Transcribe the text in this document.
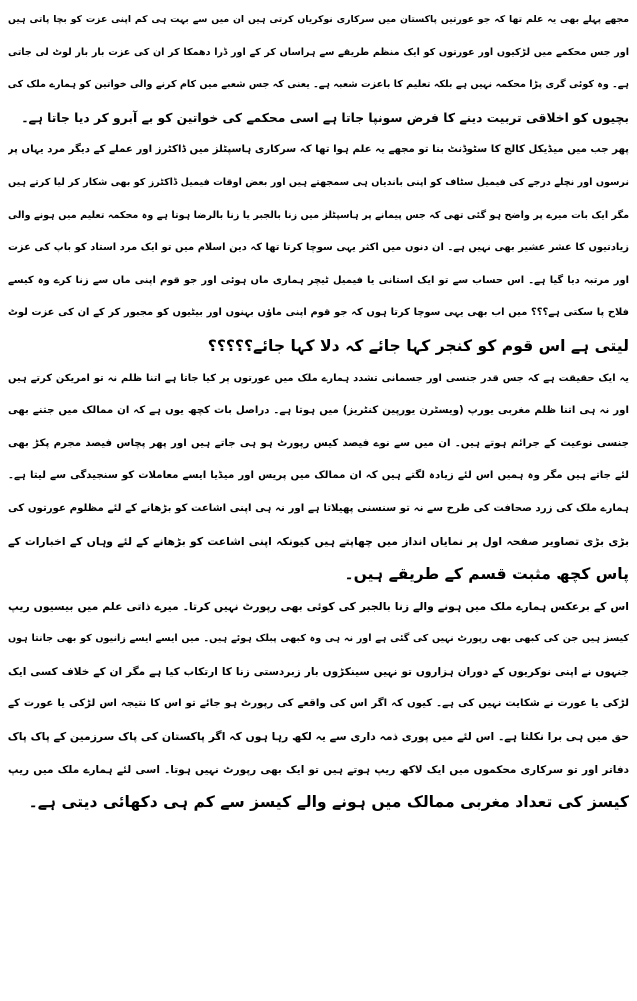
مجھے پہلے بھی یہ علم تھا کہ جو عورتیں پاکستان میں سرکاری نوکریاں کرتی ہیں ان میں سے بہت ہی کم اپنی عزت کو بچا پاتی ہیں
اور جس محکمے میں لڑکیوں اور عورتوں کو ایک منظم طریقے سے ہراساں کر کے اور ڈرا دھمکا کر ان کی عزت بار بار لوٹ لی جاتی
ہے۔ وہ کوئی گری پڑا محکمہ نہیں ہے بلکہ تعلیم کا باعزت شعبہ ہے۔ یعنی کہ جس شعبے میں کام کرنے والی خواتین کو ہمارے ملک کی
بچیوں کو اخلاقی تربیت دینے کا فرض سونپا جاتا ہے اسی محکمے کی خواتین کو بے آبرو کر دیا جاتا ہے۔
پھر جب میں میڈیکل کالج کا سٹوڈنٹ بنا تو مجھے یہ علم ہوا تھا کہ سرکاری ہاسپٹلز میں ڈاکٹرز اور عملے کے دیگر مرد یہاں پر
نرسوں اور نچلے درجے کی فیمیل سٹاف کو اپنی باندیاں ہی سمجھتے ہیں اور بعض اوقات فیمیل ڈاکٹرز کو بھی شکار کر لیا کرتے ہیں
مگر ایک بات میرے پر واضح ہو گئی تھی کہ جس پیمانے پر ہاسپٹلز میں زنا بالجبر یا زنا بالرضا ہوتا ہے وہ محکمہ تعلیم میں ہونے والی
زیادتیوں کا عشر عشیر بھی نہیں ہے۔ ان دنوں میں اکثر یہی سوچا کرتا تھا کہ دین اسلام میں تو ایک مرد استاد کو باپ کی عزت
اور مرتبہ دیا گیا ہے۔ اس حساب سے تو ایک استانی یا فیمیل ٹیچر ہماری ماں ہوئی اور جو قوم اپنی ماں سے زنا کرے وہ کیسے
فلاح پا سکتی ہے؟؟؟ میں اب بھی یہی سوچا کرتا ہوں کہ جو قوم اپنی ماؤں بہنوں اور بیٹیوں کو مجبور کر کے ان کی عزت لوٹ
لیتی ہے اس قوم کو کنجر کہا جائے کہ دلا کہا جائے؟؟؟؟؟
یہ ایک حقیقت ہے کہ جس قدر جنسی اور جسمانی تشدد ہمارے ملک میں عورتوں پر کیا جاتا ہے اتنا ظلم نہ تو امریکن کرتے ہیں
اور نہ ہی اتنا ظلم مغربی یورپ (ویسٹرن یورپین کنٹریز) میں ہوتا ہے۔ دراصل بات کچھ یوں ہے کہ ان ممالک میں جتنے بھی
جنسی نوعیت کے جرائم ہوتے ہیں۔ ان میں سے نوے فیصد کیس رپورٹ ہو ہی جاتے ہیں اور پھر پچاس فیصد مجرم پکڑ بھی
لئے جاتے ہیں مگر وہ ہمیں اس لئے زیادہ لگتے ہیں کہ ان ممالک میں پریس اور میڈیا ایسے معاملات کو سنجیدگی سے لیتا ہے۔
ہمارے ملک کی زرد صحافت کی طرح سے نہ تو سنسنی پھیلاتا ہے اور نہ ہی اپنی اشاعت کو بڑھانے کے لئے مظلوم عورتوں کی
بڑی بڑی تصاویر صفحہ اول پر نمایاں انداز میں چھاپتے ہیں کیونکہ اپنی اشاعت کو بڑھانے کے لئے وہاں کے اخبارات کے
پاس کچھ مثبت قسم کے طریقے ہیں۔
اس کے برعکس ہمارے ملک میں ہونے والے زنا بالجبر کی کوئی بھی رپورٹ نہیں کرتا۔ میرے ذاتی علم میں بیسیوں ریپ
کیسز ہیں جن کی کبھی بھی رپورٹ نہیں کی گئی ہے اور نہ ہی وہ کبھی پبلک ہوئے ہیں۔ میں ایسے ایسے زانیوں کو بھی جانتا ہوں
جنہوں نے اپنی نوکریوں کے دوران ہزاروں تو نہیں سینکڑوں بار زبردستی زنا کا ارتکاب کیا ہے مگر ان کے خلاف کسی ایک
لڑکی یا عورت نے شکایت نہیں کی ہے۔ کیوں کہ اگر اس کی واقعے کی رپورٹ ہو جائے تو اس کا نتیجہ اس لڑکی یا عورت کے
حق میں ہی برا نکلتا ہے۔ اس لئے میں پوری ذمہ داری سے یہ لکھ رہا ہوں کہ اگر پاکستان کی پاک سرزمین کے پاک پاک
دفاتر اور تو سرکاری محکموں میں ایک لاکھ ریپ ہوتے ہیں تو ایک بھی رپورٹ نہیں ہوتا۔ اسی لئے ہمارے ملک میں ریپ
کیسز کی تعداد مغربی ممالک میں ہونے والے کیسز سے کم ہی دکھائی دیتی ہے۔
